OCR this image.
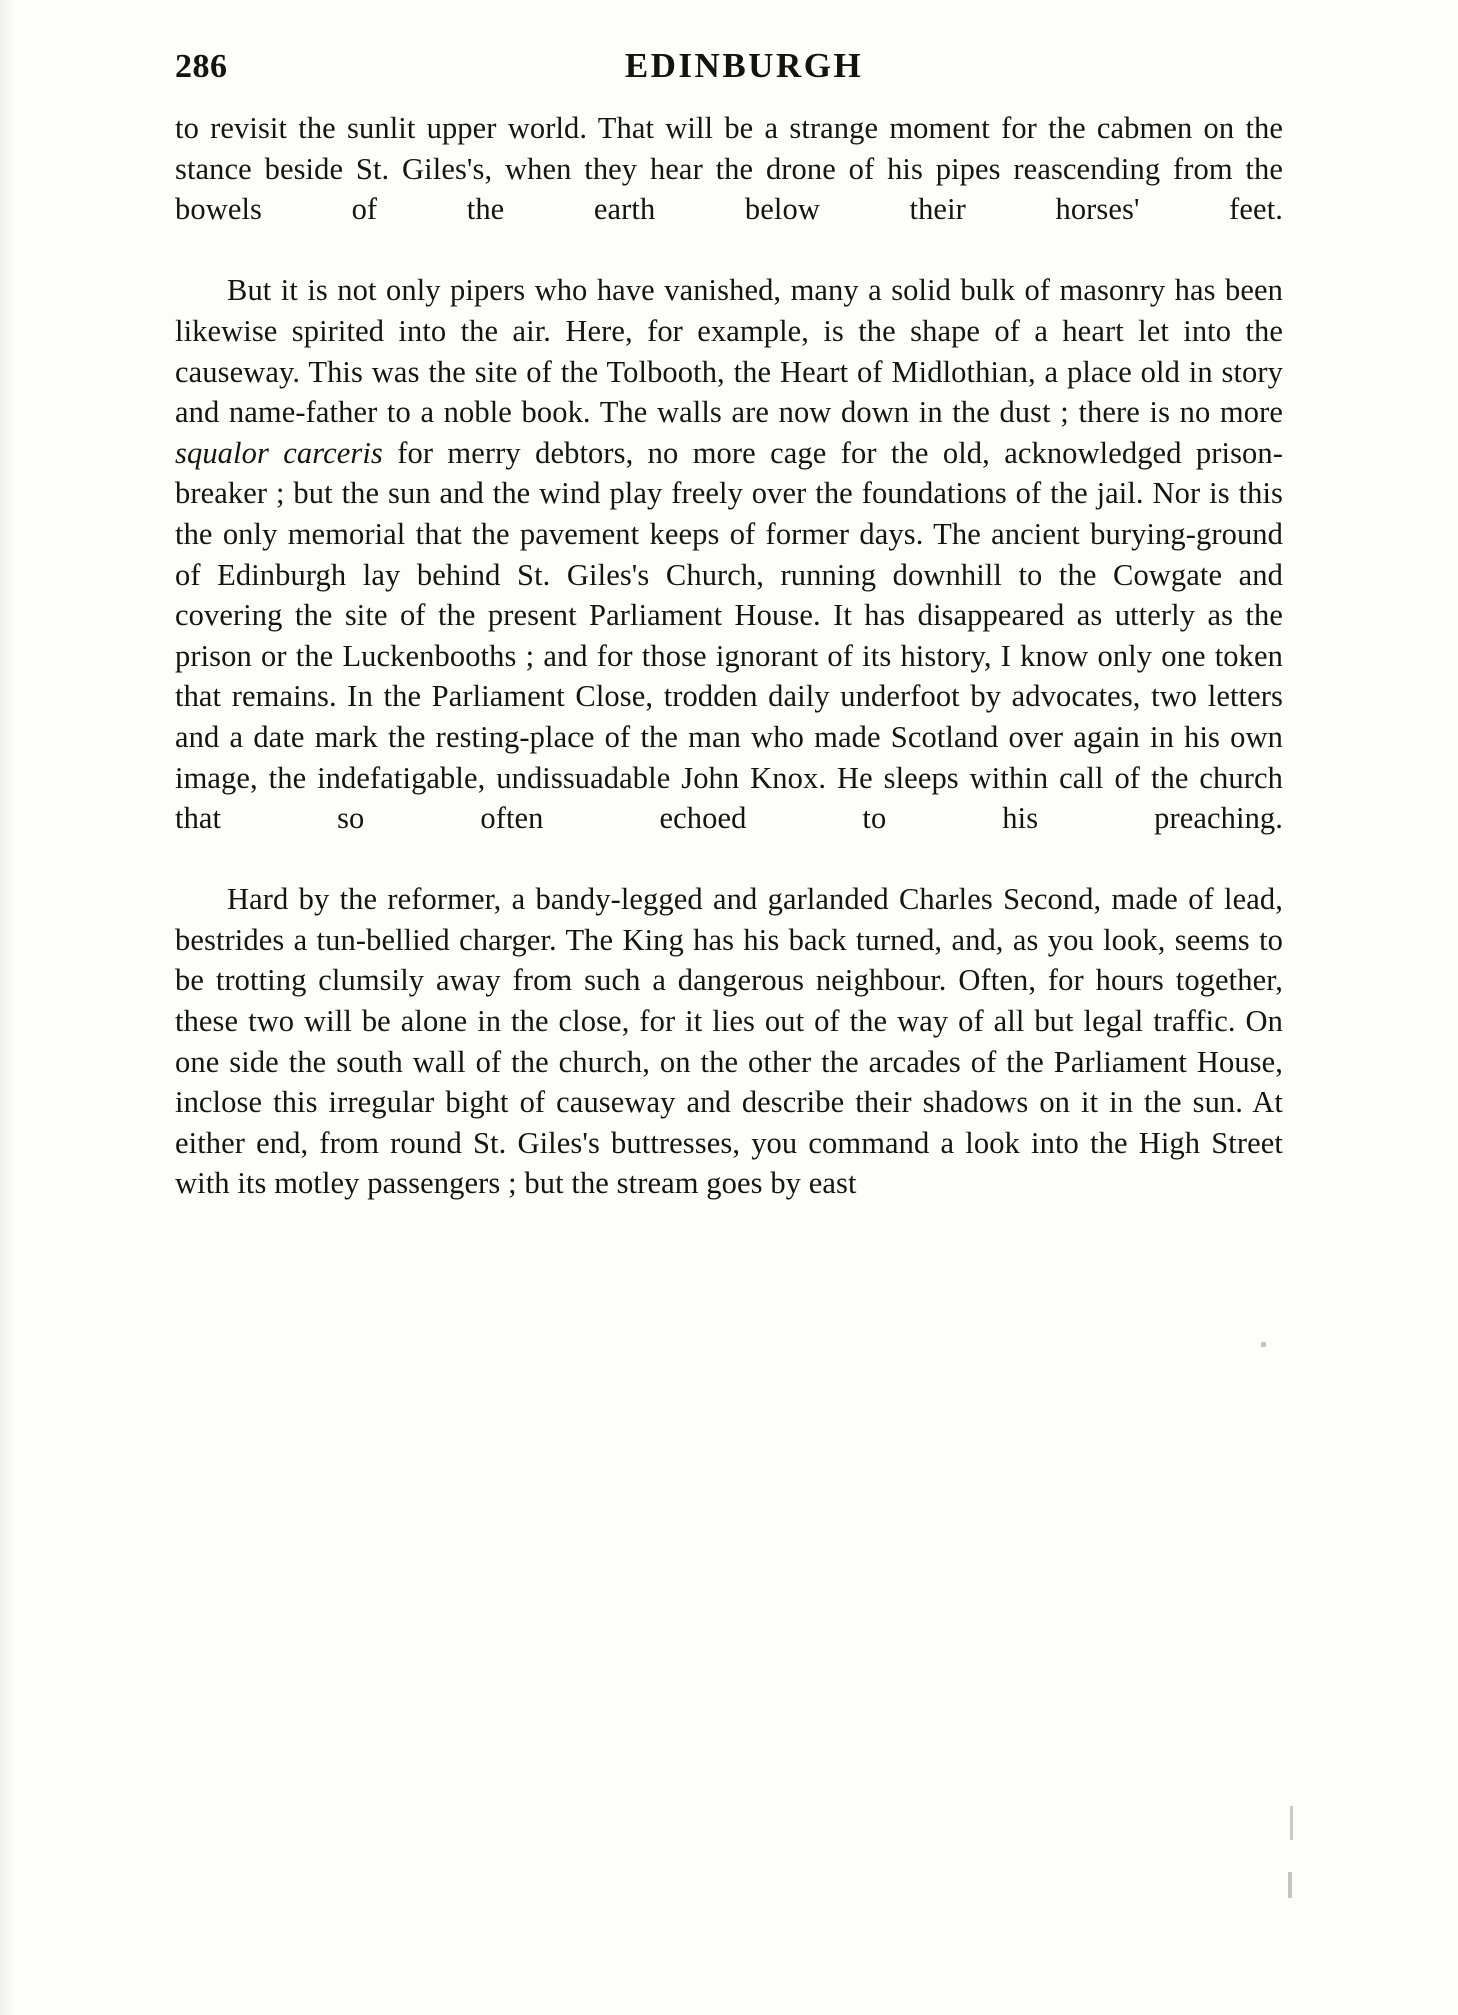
286	EDINBURGH

to revisit the sunlit upper world. That will be a strange moment for the cabmen on the stance beside St. Giles's, when they hear the drone of his pipes reascending from the bowels of the earth below their horses' feet.

But it is not only pipers who have vanished, many a solid bulk of masonry has been likewise spirited into the air. Here, for example, is the shape of a heart let into the causeway. This was the site of the Tolbooth, the Heart of Midlothian, a place old in story and name-father to a noble book. The walls are now down in the dust ; there is no more squalor carceris for merry debtors, no more cage for the old, acknowledged prison-breaker ; but the sun and the wind play freely over the foundations of the jail. Nor is this the only memorial that the pavement keeps of former days. The ancient burying-ground of Edinburgh lay behind St. Giles's Church, running downhill to the Cowgate and covering the site of the present Parliament House. It has disappeared as utterly as the prison or the Luckenbooths ; and for those ignorant of its history, I know only one token that remains. In the Parliament Close, trodden daily underfoot by advocates, two letters and a date mark the resting-place of the man who made Scotland over again in his own image, the indefatigable, undissuadable John Knox. He sleeps within call of the church that so often echoed to his preaching.

Hard by the reformer, a bandy-legged and garlanded Charles Second, made of lead, bestrides a tun-bellied charger. The King has his back turned, and, as you look, seems to be trotting clumsily away from such a dangerous neighbour. Often, for hours together, these two will be alone in the close, for it lies out of the way of all but legal traffic. On one side the south wall of the church, on the other the arcades of the Parliament House, inclose this irregular bight of causeway and describe their shadows on it in the sun. At either end, from round St. Giles's buttresses, you command a look into the High Street with its motley passengers ; but the stream goes by east
